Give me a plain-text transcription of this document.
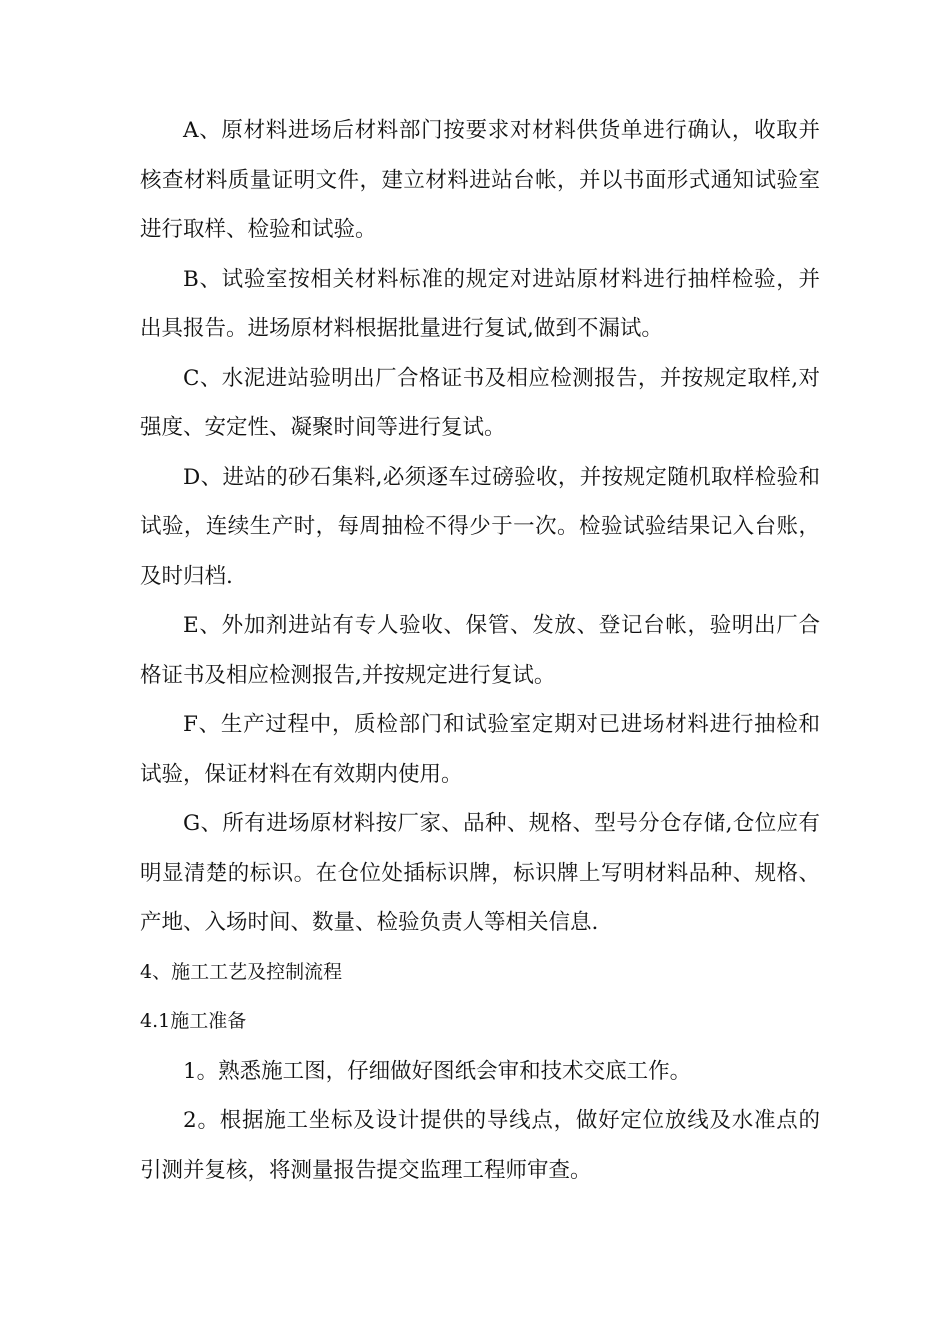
A、原材料进场后材料部门按要求对材料供货单进行确认，收取并核查材料质量证明文件，建立材料进站台帐，并以书面形式通知试验室进行取样、检验和试验。

B、试验室按相关材料标准的规定对进站原材料进行抽样检验，并出具报告。进场原材料根据批量进行复试,做到不漏试。

C、水泥进站验明出厂合格证书及相应检测报告，并按规定取样,对强度、安定性、凝聚时间等进行复试。

D、进站的砂石集料,必须逐车过磅验收，并按规定随机取样检验和试验，连续生产时，每周抽检不得少于一次。检验试验结果记入台账，及时归档.

E、外加剂进站有专人验收、保管、发放、登记台帐，验明出厂合格证书及相应检测报告,并按规定进行复试。

F、生产过程中，质检部门和试验室定期对已进场材料进行抽检和试验，保证材料在有效期内使用。

G、所有进场原材料按厂家、品种、规格、型号分仓存储,仓位应有明显清楚的标识。在仓位处插标识牌，标识牌上写明材料品种、规格、产地、入场时间、数量、检验负责人等相关信息.

4、施工工艺及控制流程

4.1施工准备

1。熟悉施工图，仔细做好图纸会审和技术交底工作。

2。根据施工坐标及设计提供的导线点，做好定位放线及水准点的引测并复核，将测量报告提交监理工程师审查。
